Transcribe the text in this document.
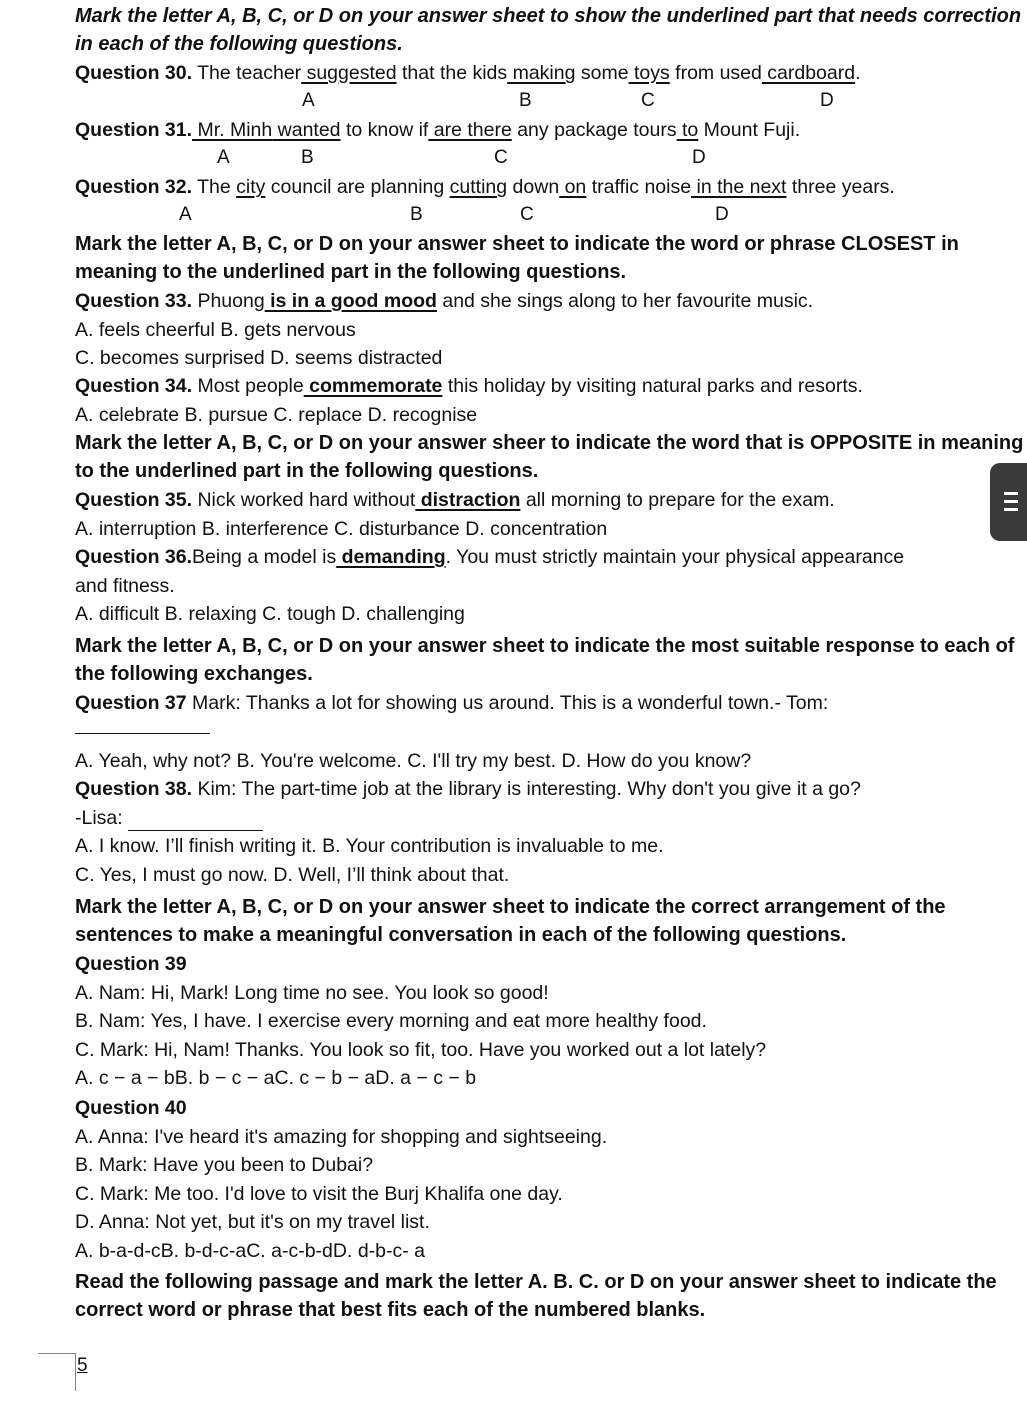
Mark the letter A, B, C, or D on your answer sheet to show the underlined part that needs correction
in each of the following questions.
Question 30. The teacher suggested that the kids making some toys from used cardboard.
A	B	C	D
Question 31. Mr. Minh wanted to know if are there any package tours to Mount Fuji.
A	B	C	D
Question 32. The city council are planning cutting down on traffic noise in the next three years.
A	B	C	D
Mark the letter A, B, C, or D on your answer sheet to indicate the word or phrase CLOSEST in
meaning to the underlined part in the following questions.
Question 33. Phuong is in a good mood and she sings along to her favourite music.
A. feels cheerful B. gets nervous
C. becomes surprised D. seems distracted
Question 34. Most people commemorate this holiday by visiting natural parks and resorts.
A. celebrate B. pursue C. replace D. recognise
Mark the letter A, B, C, or D on your answer sheer to indicate the word that is OPPOSITE in meaning
to the underlined part in the following questions.
Question 35. Nick worked hard without distraction all morning to prepare for the exam.
A. interruption B. interference C. disturbance D. concentration
Question 36.Being a model is demanding. You must strictly maintain your physical appearance
and fitness.
A. difficult B. relaxing C. tough D. challenging
Mark the letter A, B, C, or D on your answer sheet to indicate the most suitable response to each of
the following exchanges.
Question 37 Mark: Thanks a lot for showing us around. This is a wonderful town.- Tom:
A. Yeah, why not? B. You're welcome. C. I'll try my best. D. How do you know?
Question 38. Kim: The part-time job at the library is interesting. Why don't you give it a go?
-Lisa:
A. I know. I’ll finish writing it. B. Your contribution is invaluable to me.
C. Yes, I must go now. D. Well, I’ll think about that.
Mark the letter A, B, C, or D on your answer sheet to indicate the correct arrangement of the
sentences to make a meaningful conversation in each of the following questions.
Question 39
A. Nam: Hi, Mark! Long time no see. You look so good!
B. Nam: Yes, I have. I exercise every morning and eat more healthy food.
C. Mark: Hi, Nam! Thanks. You look so fit, too. Have you worked out a lot lately?
A. c − a − bB. b − c − aC. c − b − aD. a − c − b
Question 40
A. Anna: I've heard it's amazing for shopping and sightseeing.
B. Mark: Have you been to Dubai?
C. Mark: Me too. I'd love to visit the Burj Khalifa one day.
D. Anna: Not yet, but it's on my travel list.
A. b-a-d-cB. b-d-c-aC. a-c-b-dD. d-b-c- a
Read the following passage and mark the letter A. B. C. or D on your answer sheet to indicate the
correct word or phrase that best fits each of the numbered blanks.
5
